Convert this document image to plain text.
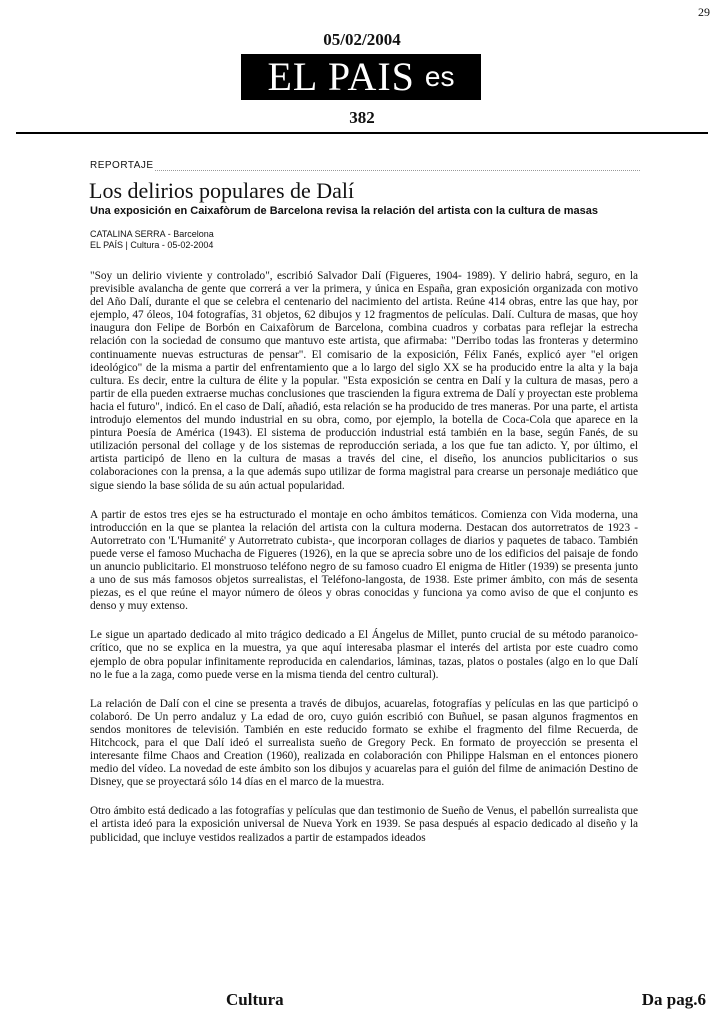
29
05/02/2004
EL PAIS es
382
REPORTAJE
Los delirios populares de Dalí
Una exposición en Caixafòrum de Barcelona revisa la relación del artista con la cultura de masas
CATALINA SERRA - Barcelona
EL PAÍS | Cultura - 05-02-2004

"Soy un delirio viviente y controlado", escribió Salvador Dalí (Figueres, 1904- 1989). Y delirio habrá, seguro, en la previsible avalancha de gente que correrá a ver la primera, y única en España, gran exposición organizada con motivo del Año Dalí, durante el que se celebra el centenario del nacimiento del artista. Reúne 414 obras, entre las que hay, por ejemplo, 47 óleos, 104 fotografías, 31 objetos, 62 dibujos y 12 fragmentos de películas. Dalí. Cultura de masas, que hoy inaugura don Felipe de Borbón en Caixafòrum de Barcelona, combina cuadros y corbatas para reflejar la estrecha relación con la sociedad de consumo que mantuvo este artista, que afirmaba: "Derribo todas las fronteras y determino continuamente nuevas estructuras de pensar". El comisario de la exposición, Félix Fanés, explicó ayer "el origen ideológico" de la misma a partir del enfrentamiento que a lo largo del siglo XX se ha producido entre la alta y la baja cultura. Es decir, entre la cultura de élite y la popular. "Esta exposición se centra en Dalí y la cultura de masas, pero a partir de ella pueden extraerse muchas conclusiones que trascienden la figura extrema de Dalí y proyectan este problema hacia el futuro", indicó. En el caso de Dalí, añadió, esta relación se ha producido de tres maneras. Por una parte, el artista introdujo elementos del mundo industrial en su obra, como, por ejemplo, la botella de Coca-Cola que aparece en la pintura Poesía de América (1943). El sistema de producción industrial está también en la base, según Fanés, de su utilización personal del collage y de los sistemas de reproducción seriada, a los que fue tan adicto. Y, por último, el artista participó de lleno en la cultura de masas a través del cine, el diseño, los anuncios publicitarios o sus colaboraciones con la prensa, a la que además supo utilizar de forma magistral para crearse un personaje mediático que sigue siendo la base sólida de su aún actual popularidad.

A partir de estos tres ejes se ha estructurado el montaje en ocho ámbitos temáticos. Comienza con Vida moderna, una introducción en la que se plantea la relación del artista con la cultura moderna. Destacan dos autorretratos de 1923 -Autorretrato con 'L'Humanité' y Autorretrato cubista-, que incorporan collages de diarios y paquetes de tabaco. También puede verse el famoso Muchacha de Figueres (1926), en la que se aprecia sobre uno de los edificios del paisaje de fondo un anuncio publicitario. El monstruoso teléfono negro de su famoso cuadro El enigma de Hitler (1939) se presenta junto a uno de sus más famosos objetos surrealistas, el Teléfono-langosta, de 1938. Este primer ámbito, con más de sesenta piezas, es el que reúne el mayor número de óleos y obras conocidas y funciona ya como aviso de que el conjunto es denso y muy extenso.

Le sigue un apartado dedicado al mito trágico dedicado a El Ángelus de Millet, punto crucial de su método paranoico-crítico, que no se explica en la muestra, ya que aquí interesaba plasmar el interés del artista por este cuadro como ejemplo de obra popular infinitamente reproducida en calendarios, láminas, tazas, platos o postales (algo en lo que Dalí no le fue a la zaga, como puede verse en la misma tienda del centro cultural).

La relación de Dalí con el cine se presenta a través de dibujos, acuarelas, fotografías y películas en las que participó o colaboró. De Un perro andaluz y La edad de oro, cuyo guión escribió con Buñuel, se pasan algunos fragmentos en sendos monitores de televisión. También en este reducido formato se exhibe el fragmento del filme Recuerda, de Hitchcock, para el que Dalí ideó el surrealista sueño de Gregory Peck. En formato de proyección se presenta el interesante filme Chaos and Creation (1960), realizada en colaboración con Philippe Halsman en el entonces pionero medio del vídeo. La novedad de este ámbito son los dibujos y acuarelas para el guión del filme de animación Destino de Disney, que se proyectará sólo 14 días en el marco de la muestra.

Otro ámbito está dedicado a las fotografías y películas que dan testimonio de Sueño de Venus, el pabellón surrealista que el artista ideó para la exposición universal de Nueva York en 1939. Se pasa después al espacio dedicado al diseño y la publicidad, que incluye vestidos realizados a partir de estampados ideados

Cultura	Da pag.6
